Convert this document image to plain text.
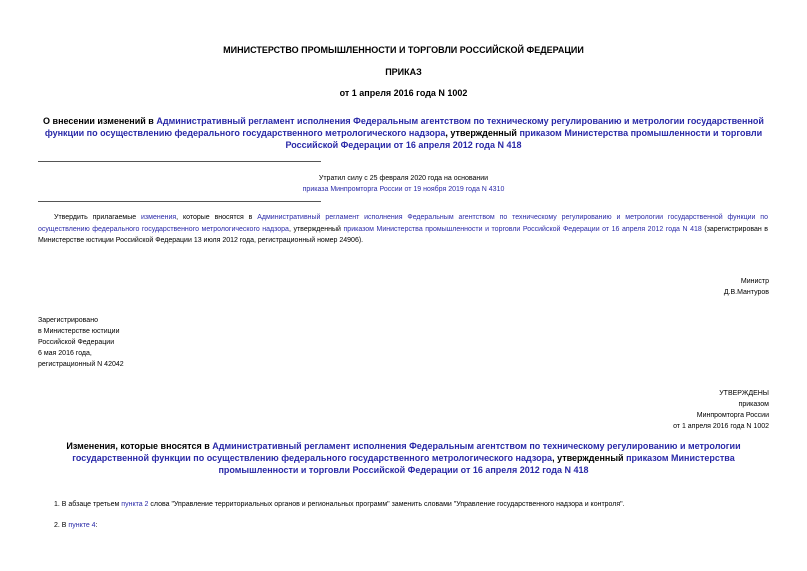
МИНИСТЕРСТВО ПРОМЫШЛЕННОСТИ И ТОРГОВЛИ РОССИЙСКОЙ ФЕДЕРАЦИИ
ПРИКАЗ
от 1 апреля 2016 года N 1002
О внесении изменений в Административный регламент исполнения Федеральным агентством по техническому регулированию и метрологии государственной функции по осуществлению федерального государственного метрологического надзора, утвержденный приказом Министерства промышленности и торговли Российской Федерации от 16 апреля 2012 года N 418
Утратил силу с 25 февраля 2020 года на основании
приказа Минпромторга России от 19 ноября 2019 года N 4310
Утвердить прилагаемые изменения, которые вносятся в Административный регламент исполнения Федеральным агентством по техническому регулированию и метрологии государственной функции по осуществлению федерального государственного метрологического надзора, утвержденный приказом Министерства промышленности и торговли Российской Федерации от 16 апреля 2012 года N 418 (зарегистрирован в Министерстве юстиции Российской Федерации 13 июля 2012 года, регистрационный номер 24906).
Министр
Д.В.Мантуров
Зарегистрировано
в Министерстве юстиции
Российской Федерации
6 мая 2016 года,
регистрационный N 42042
УТВЕРЖДЕНЫ
приказом
Минпромторга России
от 1 апреля 2016 года N 1002
Изменения, которые вносятся в Административный регламент исполнения Федеральным агентством по техническому регулированию и метрологии государственной функции по осуществлению федерального государственного метрологического надзора, утвержденный приказом Министерства промышленности и торговли Российской Федерации от 16 апреля 2012 года N 418
1. В абзаце третьем пункта 2 слова "Управление территориальных органов и региональных программ" заменить словами "Управление государственного надзора и контроля".
2. В пункте 4:
